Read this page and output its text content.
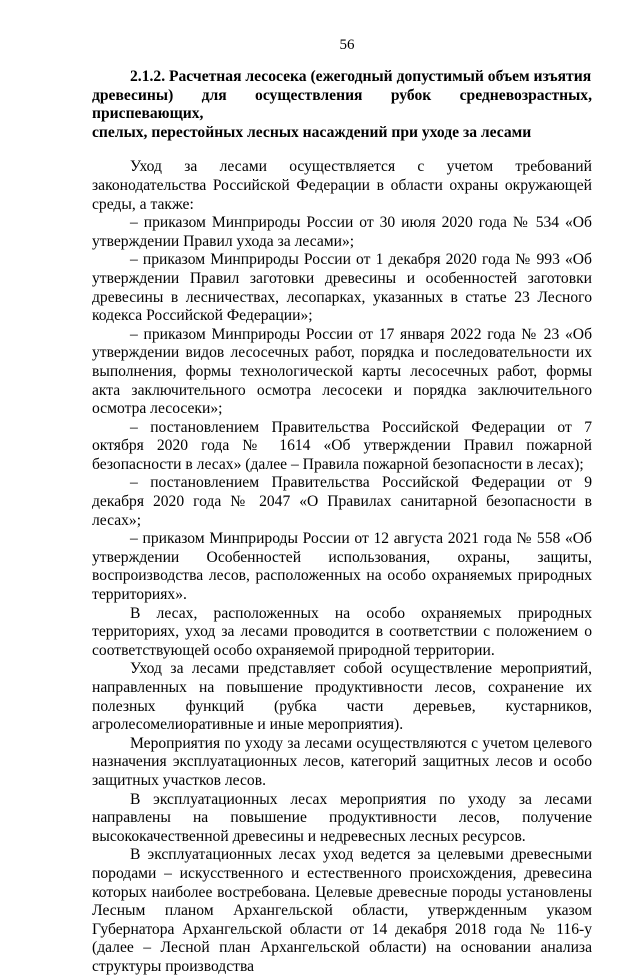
56
2.1.2. Расчетная лесосека (ежегодный допустимый объем изъятия
древесины) для осуществления рубок средневозрастных, приспевающих,
спелых, перестойных лесных насаждений при уходе за лесами

Уход за лесами осуществляется с учетом требований законодательства Российской Федерации в области охраны окружающей среды, а также:

‒ приказом Минприроды России от 30 июля 2020 года № 534 «Об утверждении Правил ухода за лесами»;

‒ приказом Минприроды России от 1 декабря 2020 года № 993 «Об утверждении Правил заготовки древесины и особенностей заготовки древесины в лесничествах, лесопарках, указанных в статье 23 Лесного кодекса Российской Федерации»;

‒ приказом Минприроды России от 17 января 2022 года № 23 «Об утверждении видов лесосечных работ, порядка и последовательности их выполнения, формы технологической карты лесосечных работ, формы акта заключительного осмотра лесосеки и порядка заключительного осмотра лесосеки»;

‒ постановлением Правительства Российской Федерации от 7 октября 2020 года № 1614 «Об утверждении Правил пожарной безопасности в лесах» (далее – Правила пожарной безопасности в лесах);

‒ постановлением Правительства Российской Федерации от 9 декабря 2020 года № 2047 «О Правилах санитарной безопасности в лесах»;

‒ приказом Минприроды России от 12 августа 2021 года № 558 «Об утверждении Особенностей использования, охраны, защиты, воспроизводства лесов, расположенных на особо охраняемых природных территориях».

В лесах, расположенных на особо охраняемых природных территориях, уход за лесами проводится в соответствии с положением о соответствующей особо охраняемой природной территории.

Уход за лесами представляет собой осуществление мероприятий, направленных на повышение продуктивности лесов, сохранение их полезных функций (рубка части деревьев, кустарников, агролесомелиоративные и иные мероприятия).

Мероприятия по уходу за лесами осуществляются с учетом целевого назначения эксплуатационных лесов, категорий защитных лесов и особо защитных участков лесов.

В эксплуатационных лесах мероприятия по уходу за лесами направлены на повышение продуктивности лесов, получение высококачественной древесины и недревесных лесных ресурсов.

В эксплуатационных лесах уход ведется за целевыми древесными породами – искусственного и естественного происхождения, древесина которых наиболее востребована. Целевые древесные породы установлены Лесным планом Архангельской области, утвержденным указом Губернатора Архангельской области от 14 декабря 2018 года № 116-у (далее – Лесной план Архангельской области) на основании анализа структуры производства
